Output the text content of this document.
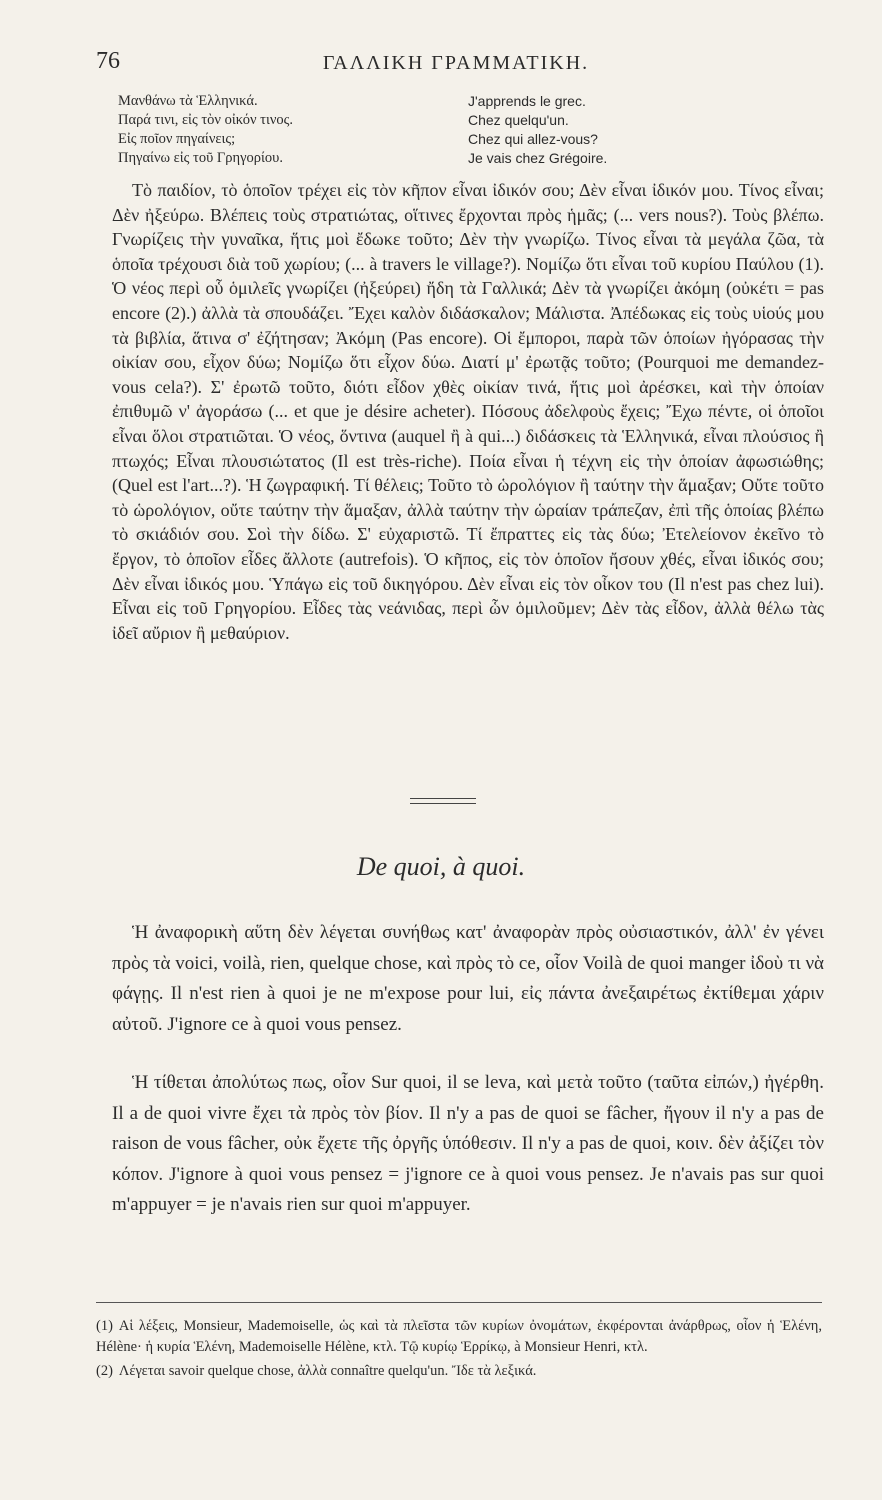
76	ΓΑΛΛΙΚΗ ΓΡΑΜΜΑΤΙΚΗ.
Μανθάνω τὰ Ἑλληνικά.
Παρά τινι, εἰς τὸν οἰκόν τινος.
Εἰς ποῖον πηγαίνεις;
Πηγαίνω εἰς τοῦ Γρηγορίου.
J'apprends le grec.
Chez quelqu'un.
Chez qui allez-vous?
Je vais chez Grégoire.

Τὸ παιδίον, τὸ ὁποῖον τρέχει εἰς τὸν κῆπον εἶναι ἰδικόν σου; Δὲν εἶναι ἰδικόν μου. Τίνος εἶναι; Δὲν ἠξεύρω. Βλέπεις τοὺς στρατιώτας, οἵτινες ἔρχονται πρὸς ἡμᾶς; (... vers nous?). Τοὺς βλέπω. Γνωρίζεις τὴν γυναῖκα, ἥτις μοὶ ἔδωκε τοῦτο; Δὲν τὴν γνωρίζω. Τίνος εἶναι τὰ μεγάλα ζῶα, τὰ ὁποῖα τρέχουσι διὰ τοῦ χωρίου; (... à travers le village?). Νομίζω ὅτι εἶναι τοῦ κυρίου Παύλου (1). Ὁ νέος περὶ οὗ ὁμιλεῖς γνωρίζει (ἠξεύρει) ἤδη τὰ Γαλλικά; Δὲν τὰ γνωρίζει ἀκόμη (οὐκέτι = pas encore (2).) ἀλλὰ τὰ σπουδάζει. Ἔχει καλὸν διδάσκαλον; Μάλιστα. Ἀπέδωκας εἰς τοὺς υἱούς μου τὰ βιβλία, ἅτινα σ' ἐζήτησαν; Ἀκόμη (Pas encore). Οἱ ἔμποροι, παρὰ τῶν ὁποίων ἠγόρασας τὴν οἰκίαν σου, εἶχον δύω; Νομίζω ὅτι εἶχον δύω. Διατί μ' ἐρωτᾷς τοῦτο; (Pourquoi me demandez-vous cela?). Σ' ἐρωτῶ τοῦτο, διότι εἶδον χθὲς οἰκίαν τινά, ἥτις μοὶ ἀρέσκει, καὶ τὴν ὁποίαν ἐπιθυμῶ ν' ἀγοράσω (... et que je désire acheter). Πόσους ἀδελφοὺς ἔχεις; Ἔχω πέντε, οἱ ὁποῖοι εἶναι ὅλοι στρατιῶται. Ὁ νέος, ὅντινα (auquel ἢ à qui...) διδάσκεις τὰ Ἑλληνικά, εἶναι πλούσιος ἢ πτωχός; Εἶναι πλουσιώτατος (Il est très-riche). Ποία εἶναι ἡ τέχνη εἰς τὴν ὁποίαν ἀφωσιώθης; (Quel est l'art...?). Ἡ ζωγραφική. Τί θέλεις; Τοῦτο τὸ ὡρολόγιον ἢ ταύτην τὴν ἅμαξαν; Οὔτε τοῦτο τὸ ὡρολόγιον, οὔτε ταύτην τὴν ἅμαξαν, ἀλλὰ ταύτην τὴν ὡραίαν τράπεζαν, ἐπὶ τῆς ὁποίας βλέπω τὸ σκιάδιόν σου. Σοὶ τὴν δίδω. Σ' εὐχαριστῶ. Τί ἔπραττες εἰς τὰς δύω; Ἐτελείονον ἐκεῖνο τὸ ἔργον, τὸ ὁποῖον εἶδες ἄλλοτε (autrefois). Ὁ κῆπος, εἰς τὸν ὁποῖον ἤσουν χθές, εἶναι ἰδικός σου; Δὲν εἶναι ἰδικός μου. Ὑπάγω εἰς τοῦ δικηγόρου. Δὲν εἶναι εἰς τὸν οἶκον του (Il n'est pas chez lui). Εἶναι εἰς τοῦ Γρηγορίου. Εἶδες τὰς νεάνιδας, περὶ ὧν ὁμιλοῦμεν; Δὲν τὰς εἶδον, ἀλλὰ θέλω τὰς ἰδεῖ αὔριον ἢ μεθαύριον.

De quoi, à quoi.

Ἡ ἀναφορικὴ αὕτη δὲν λέγεται συνήθως κατ' ἀναφορὰν πρὸς οὐσιαστικόν, ἀλλ' ἐν γένει πρὸς τὰ voici, voilà, rien, quelque chose, καὶ πρὸς τὸ ce, οἷον Voilà de quoi manger ἰδοὺ τι νὰ φάγῃς. Il n'est rien à quoi je ne m'expose pour lui, εἰς πάντα ἀνεξαιρέτως ἐκτίθεμαι χάριν αὐτοῦ. J'ignore ce à quoi vous pensez.

Ἡ τίθεται ἀπολύτως πως, οἷον Sur quoi, il se leva, καὶ μετὰ τοῦτο (ταῦτα εἰπών,) ἠγέρθη. Il a de quoi vivre ἔχει τὰ πρὸς τὸν βίον. Il n'y a pas de quoi se fâcher, ἤγουν il n'y a pas de raison de vous fâcher, οὐκ ἔχετε τῆς ὀργῆς ὑπόθεσιν. Il n'y a pas de quoi, κοιν. δὲν ἀξίζει τὸν κόπον. J'ignore à quoi vous pensez = j'ignore ce à quoi vous pensez. Je n'avais pas sur quoi m'appuyer = je n'avais rien sur quoi m'appuyer.

(1) Αἱ λέξεις, Monsieur, Mademoiselle, ὡς καὶ τὰ πλεῖστα τῶν κυρίων ὀνομάτων, ἐκφέρονται ἀνάρθρως, οἷον ἡ Ἑλένη, Hélène· ἡ κυρία Ἑλένη, Mademoiselle Hélène, κτλ. Τῷ κυρίῳ Ἑρρίκῳ, à Monsieur Henri, κτλ.

(2) Λέγεται savoir quelque chose, ἀλλὰ connaître quelqu'un. Ἴδε τὰ λεξικά.
